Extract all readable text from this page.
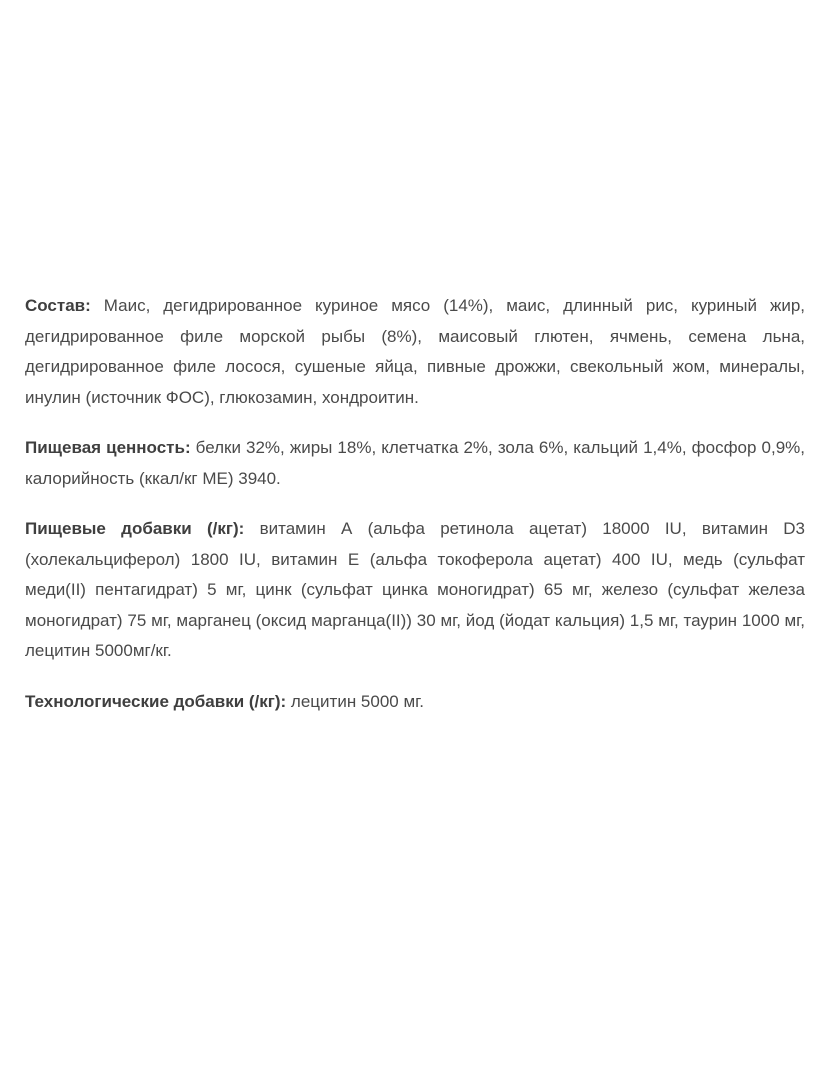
Состав: Маис, дегидрированное куриное мясо (14%), маис, длинный рис, куриный жир, дегидрированное филе морской рыбы (8%), маисовый глютен, ячмень, семена льна, дегидрированное филе лосося, сушеные яйца, пивные дрожжи, свекольный жом, минералы, инулин (источник ФОС), глюкозамин, хондроитин.

Пищевая ценность: белки 32%, жиры 18%, клетчатка 2%, зола 6%, кальций 1,4%, фосфор 0,9%, калорийность (ккал/кг МЕ) 3940.

Пищевые добавки (/кг): витамин А (альфа ретинола ацетат) 18000 IU, витамин D3 (холекальциферол) 1800 IU, витамин Е (альфа токоферола ацетат) 400 IU, медь (сульфат меди(II) пентагидрат) 5 мг, цинк (сульфат цинка моногидрат) 65 мг, железо (сульфат железа моногидрат) 75 мг, марганец (оксид марганца(II)) 30 мг, йод (йодат кальция) 1,5 мг, таурин 1000 мг, лецитин 5000мг/кг.

Технологические добавки (/кг): лецитин 5000 мг.
